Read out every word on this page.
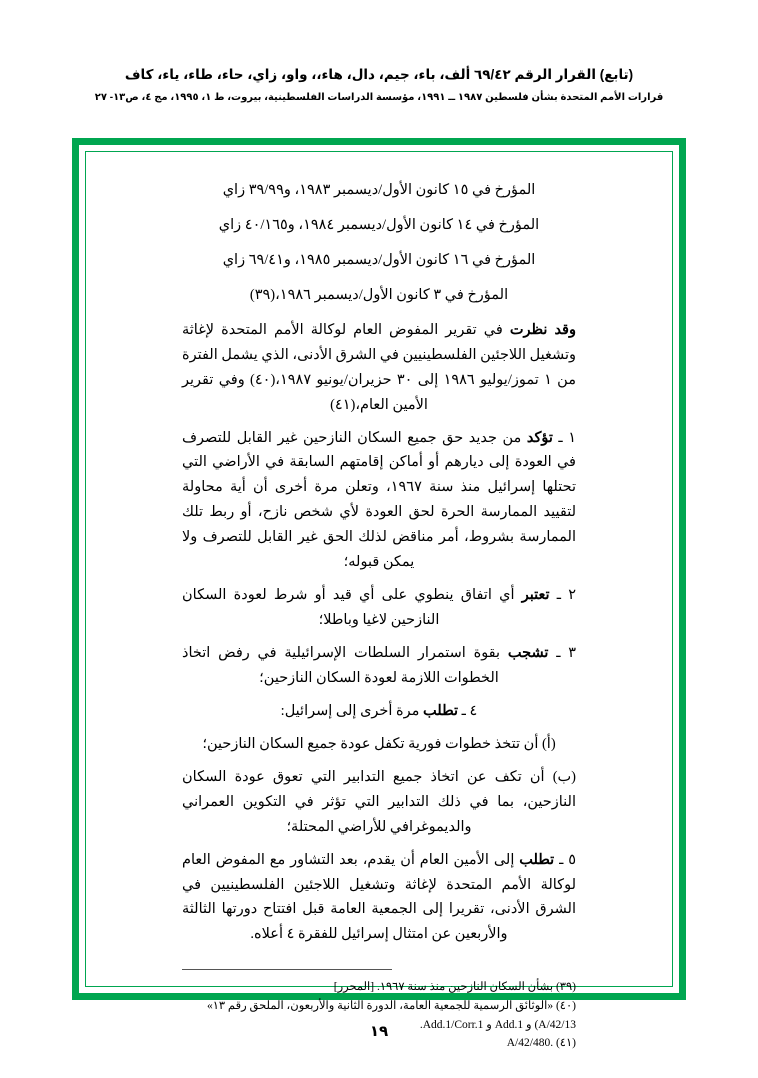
(تابع) القرار الرقم ٦٩/٤٢ ألف، باء، جيم، دال، هاء،، واو، زاي، حاء، طاء، ياء، كاف
قرارات الأمم المتحدة بشأن فلسطين ١٩٨٧ ــ ١٩٩١، مؤسسة الدراسات الفلسطينية، بيروت، ط ١، ١٩٩٥، مج ٤، ص١٣- ٢٧
المؤرخ في ١٥ كانون الأول/ديسمبر ١٩٨٣، و٣٩/٩٩ زاي
المؤرخ في ١٤ كانون الأول/ديسمبر ١٩٨٤، و٤٠/١٦٥ زاي
المؤرخ في ١٦ كانون الأول/ديسمبر ١٩٨٥، و٦٩/٤١ زاي
المؤرخ في ٣ كانون الأول/ديسمبر ١٩٨٦،(٣٩)
وقد نظرت في تقرير المفوض العام لوكالة الأمم المتحدة لإغاثة وتشغيل اللاجئين الفلسطينيين في الشرق الأدنى، الذي يشمل الفترة من ١ تموز/يوليو ١٩٨٦ إلى ٣٠ حزيران/يونيو ١٩٨٧،(٤٠) وفي تقرير الأمين العام،(٤١)
١ ـ تؤكد من جديد حق جميع السكان النازحين غير القابل للتصرف في العودة إلى ديارهم أو أماكن إقامتهم السابقة في الأراضي التي تحتلها إسرائيل منذ سنة ١٩٦٧، وتعلن مرة أخرى أن أية محاولة لتقييد الممارسة الحرة لحق العودة لأي شخص نازح، أو ربط تلك الممارسة بشروط، أمر مناقض لذلك الحق غير القابل للتصرف ولا يمكن قبوله؛
٢ ـ تعتبر أي اتفاق ينطوي على أي قيد أو شرط لعودة السكان النازحين لاغيا وباطلا؛
٣ ـ تشجب بقوة استمرار السلطات الإسرائيلية في رفض اتخاذ الخطوات اللازمة لعودة السكان النازحين؛
٤ ـ تطلب مرة أخرى إلى إسرائيل:
(أ) أن تتخذ خطوات فورية تكفل عودة جميع السكان النازحين؛
(ب) أن تكف عن اتخاذ جميع التدابير التي تعوق عودة السكان النازحين، بما في ذلك التدابير التي تؤثر في التكوين العمراني والديموغرافي للأراضي المحتلة؛
٥ ـ تطلب إلى الأمين العام أن يقدم، بعد التشاور مع المفوض العام لوكالة الأمم المتحدة لإغاثة وتشغيل اللاجئين الفلسطينيين في الشرق الأدنى، تقريرا إلى الجمعية العامة قبل افتتاح دورتها الثالثة والأربعين عن امتثال إسرائيل للفقرة ٤ أعلاه.
(٣٩) بشأن السكان النازحين منذ سنة ١٩٦٧. [المحرر]
(٤٠) «الوثائق الرسمية للجمعية العامة، الدورة الثانية والأربعون، الملحق رقم ١٣» A/42/13) و Add.1 و Add.1/Corr.1.
(٤١) .A/42/480
١٩
